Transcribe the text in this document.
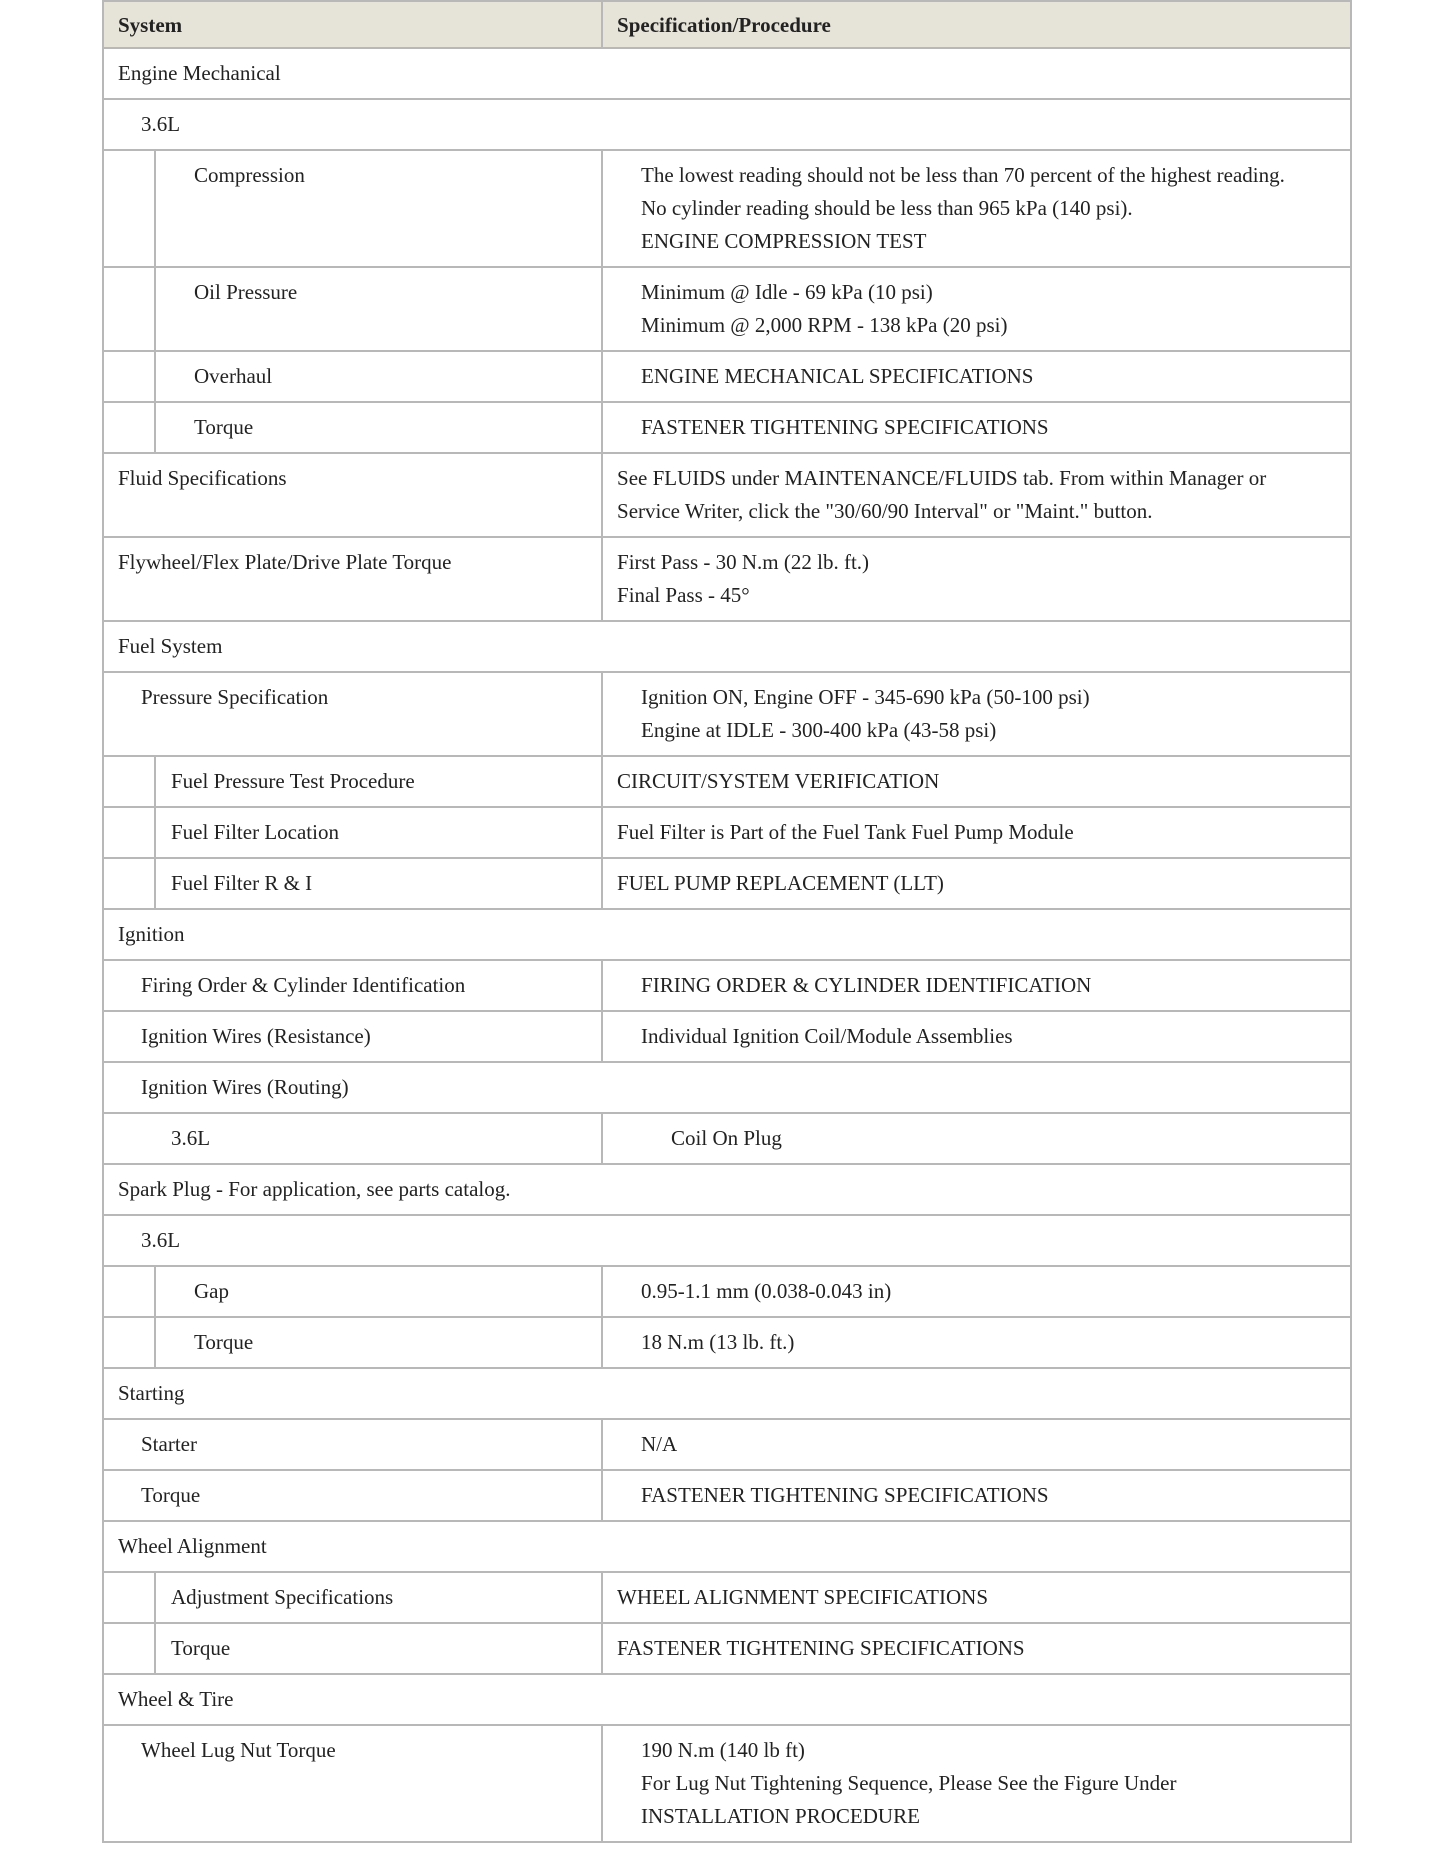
System		Specification/Procedure
Engine Mechanical		
3.6L		
	Compression	The lowest reading should not be less than 70 percent of the highest reading.
No cylinder reading should be less than 965 kPa (140 psi).
ENGINE COMPRESSION TEST

	Oil Pressure	Minimum @ Idle - 69 kPa (10 psi)
Minimum @ 2,000 RPM - 138 kPa (20 psi)

	Overhaul	ENGINE MECHANICAL SPECIFICATIONS

	Torque	FASTENER TIGHTENING SPECIFICATIONS

Fluid Specifications		See FLUIDS under MAINTENANCE/FLUIDS tab. From within Manager or Service Writer, click the "30/60/90 Interval" or "Maint." button.

Flywheel/Flex Plate/Drive Plate Torque		First Pass - 30 N.m (22 lb. ft.)
Final Pass - 45°

Fuel System		
Pressure Specification		Ignition ON, Engine OFF - 345-690 kPa (50-100 psi)
Engine at IDLE - 300-400 kPa (43-58 psi)

	Fuel Pressure Test Procedure	CIRCUIT/SYSTEM VERIFICATION

	Fuel Filter Location	Fuel Filter is Part of the Fuel Tank Fuel Pump Module

	Fuel Filter R & I	FUEL PUMP REPLACEMENT (LLT)

Ignition		
Firing Order & Cylinder Identification		FIRING ORDER & CYLINDER IDENTIFICATION

Ignition Wires (Resistance)		Individual Ignition Coil/Module Assemblies

Ignition Wires (Routing)		
3.6L		Coil On Plug

Spark Plug - For application, see parts catalog.		
3.6L		
	Gap	0.95-1.1 mm (0.038-0.043 in)

	Torque	18 N.m (13 lb. ft.)

Starting		
Starter		N/A

Torque		FASTENER TIGHTENING SPECIFICATIONS

Wheel Alignment		
	Adjustment Specifications	WHEEL ALIGNMENT SPECIFICATIONS

	Torque	FASTENER TIGHTENING SPECIFICATIONS

Wheel & Tire		
Wheel Lug Nut Torque		190 N.m (140 lb ft)
For Lug Nut Tightening Sequence, Please See the Figure Under INSTALLATION PROCEDURE
